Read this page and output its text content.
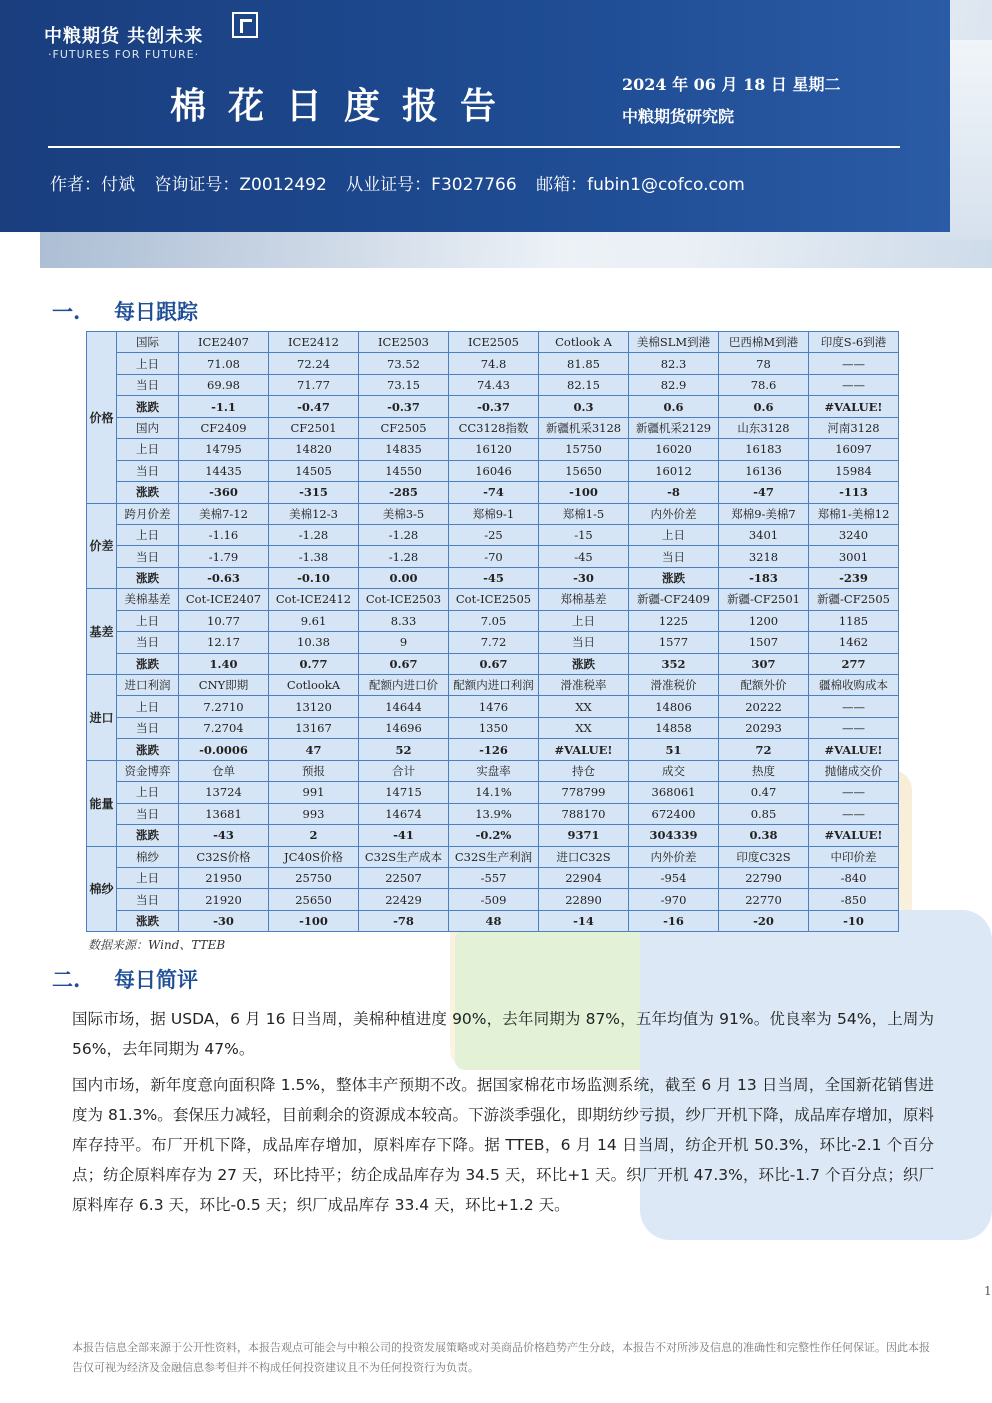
中粮期货 共创未来
·FUTURES FOR FUTURE·
棉花日度报告
2024 年 06 月 18 日 星期二
中粮期货研究院
作者：付斌 咨询证号：Z0012492 从业证号：F3027766 邮箱：fubin1@cofco.com
一. 每日跟踪
价格	国际	ICE2407	ICE2412	ICE2503	ICE2505	Cotlook A	美棉SLM到港	巴西棉M到港	印度S-6到港
	上日	71.08	72.24	73.52	74.8	81.85	82.3	78	——
	当日	69.98	71.77	73.15	74.43	82.15	82.9	78.6	——
	涨跌	-1.1	-0.47	-0.37	-0.37	0.3	0.6	0.6	#VALUE!
	国内	CF2409	CF2501	CF2505	CC3128指数	新疆机采3128	新疆机采2129	山东3128	河南3128
	上日	14795	14820	14835	16120	15750	16020	16183	16097
	当日	14435	14505	14550	16046	15650	16012	16136	15984
	涨跌	-360	-315	-285	-74	-100	-8	-47	-113
价差	跨月价差	美棉7-12	美棉12-3	美棉3-5	郑棉9-1	郑棉1-5	内外价差	郑棉9-美棉7	郑棉1-美棉12
	上日	-1.16	-1.28	-1.28	-25	-15	上日	3401	3240
	当日	-1.79	-1.38	-1.28	-70	-45	当日	3218	3001
	涨跌	-0.63	-0.10	0.00	-45	-30	涨跌	-183	-239
基差	美棉基差	Cot-ICE2407	Cot-ICE2412	Cot-ICE2503	Cot-ICE2505	郑棉基差	新疆-CF2409	新疆-CF2501	新疆-CF2505
	上日	10.77	9.61	8.33	7.05	上日	1225	1200	1185
	当日	12.17	10.38	9	7.72	当日	1577	1507	1462
	涨跌	1.40	0.77	0.67	0.67	涨跌	352	307	277
进口	进口利润	CNY即期	CotlookA	配额内进口价	配额内进口利润	滑准税率	滑准税价	配额外价	疆棉收购成本
	上日	7.2710	13120	14644	1476	XX	14806	20222	——
	当日	7.2704	13167	14696	1350	XX	14858	20293	——
	涨跌	-0.0006	47	52	-126	#VALUE!	51	72	#VALUE!
能量	资金博弈	仓单	预报	合计	实盘率	持仓	成交	热度	抛储成交价
	上日	13724	991	14715	14.1%	778799	368061	0.47	——
	当日	13681	993	14674	13.9%	788170	672400	0.85	——
	涨跌	-43	2	-41	-0.2%	9371	304339	0.38	#VALUE!
棉纱	棉纱	C32S价格	JC40S价格	C32S生产成本	C32S生产利润	进口C32S	内外价差	印度C32S	中印价差
	上日	21950	25750	22507	-557	22904	-954	22790	-840
	当日	21920	25650	22429	-509	22890	-970	22770	-850
	涨跌	-30	-100	-78	48	-14	-16	-20	-10
数据来源：Wind、TTEB
二. 每日简评

国际市场，据 USDA，6 月 16 日当周，美棉种植进度 90%，去年同期为 87%，五年均值为 91%。优良率为 54%，上周为 56%，去年同期为 47%。

国内市场，新年度意向面积降 1.5%，整体丰产预期不改。据国家棉花市场监测系统，截至 6 月 13 日当周，全国新花销售进度为 81.3%。套保压力减轻，目前剩余的资源成本较高。下游淡季强化，即期纺纱亏损，纱厂开机下降，成品库存增加，原料库存持平。布厂开机下降，成品库存增加，原料库存下降。据 TTEB，6 月 14 日当周，纺企开机 50.3%，环比-2.1 个百分点；纺企原料库存为 27 天，环比持平；纺企成品库存为 34.5 天，环比+1 天。织厂开机 47.3%，环比-1.7 个百分点；织厂原料库存 6.3 天，环比-0.5 天；织厂成品库存 33.4 天，环比+1.2 天。

1
本报告信息全部来源于公开性资料，本报告观点可能会与中粮公司的投资发展策略或对美商品价格趋势产生分歧，本报告不对所涉及信息的准确性和完整性作任何保证。因此本报告仅可视为经济及金融信息参考但并不构成任何投资建议且不为任何投资行为负责。
